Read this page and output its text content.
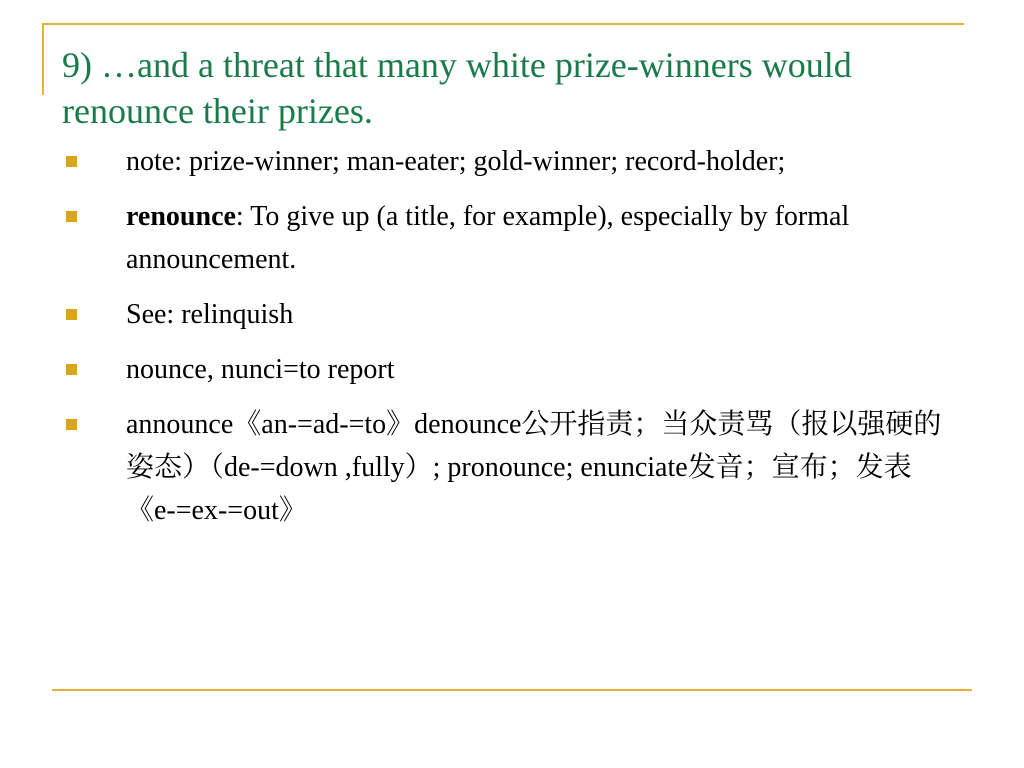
9) …and a threat that many white prize-winners would renounce their prizes.
note: prize-winner; man-eater; gold-winner; record-holder;
renounce: To give up (a title, for example), especially by formal announcement.
See: relinquish
nounce, nunci=to report
announce《an-=ad-=to》denounce公开指责；当众责骂（报以强硬的姿态）（de-=down ,fully）; pronounce; enunciate发音；宣布；发表《e-=ex-=out》
